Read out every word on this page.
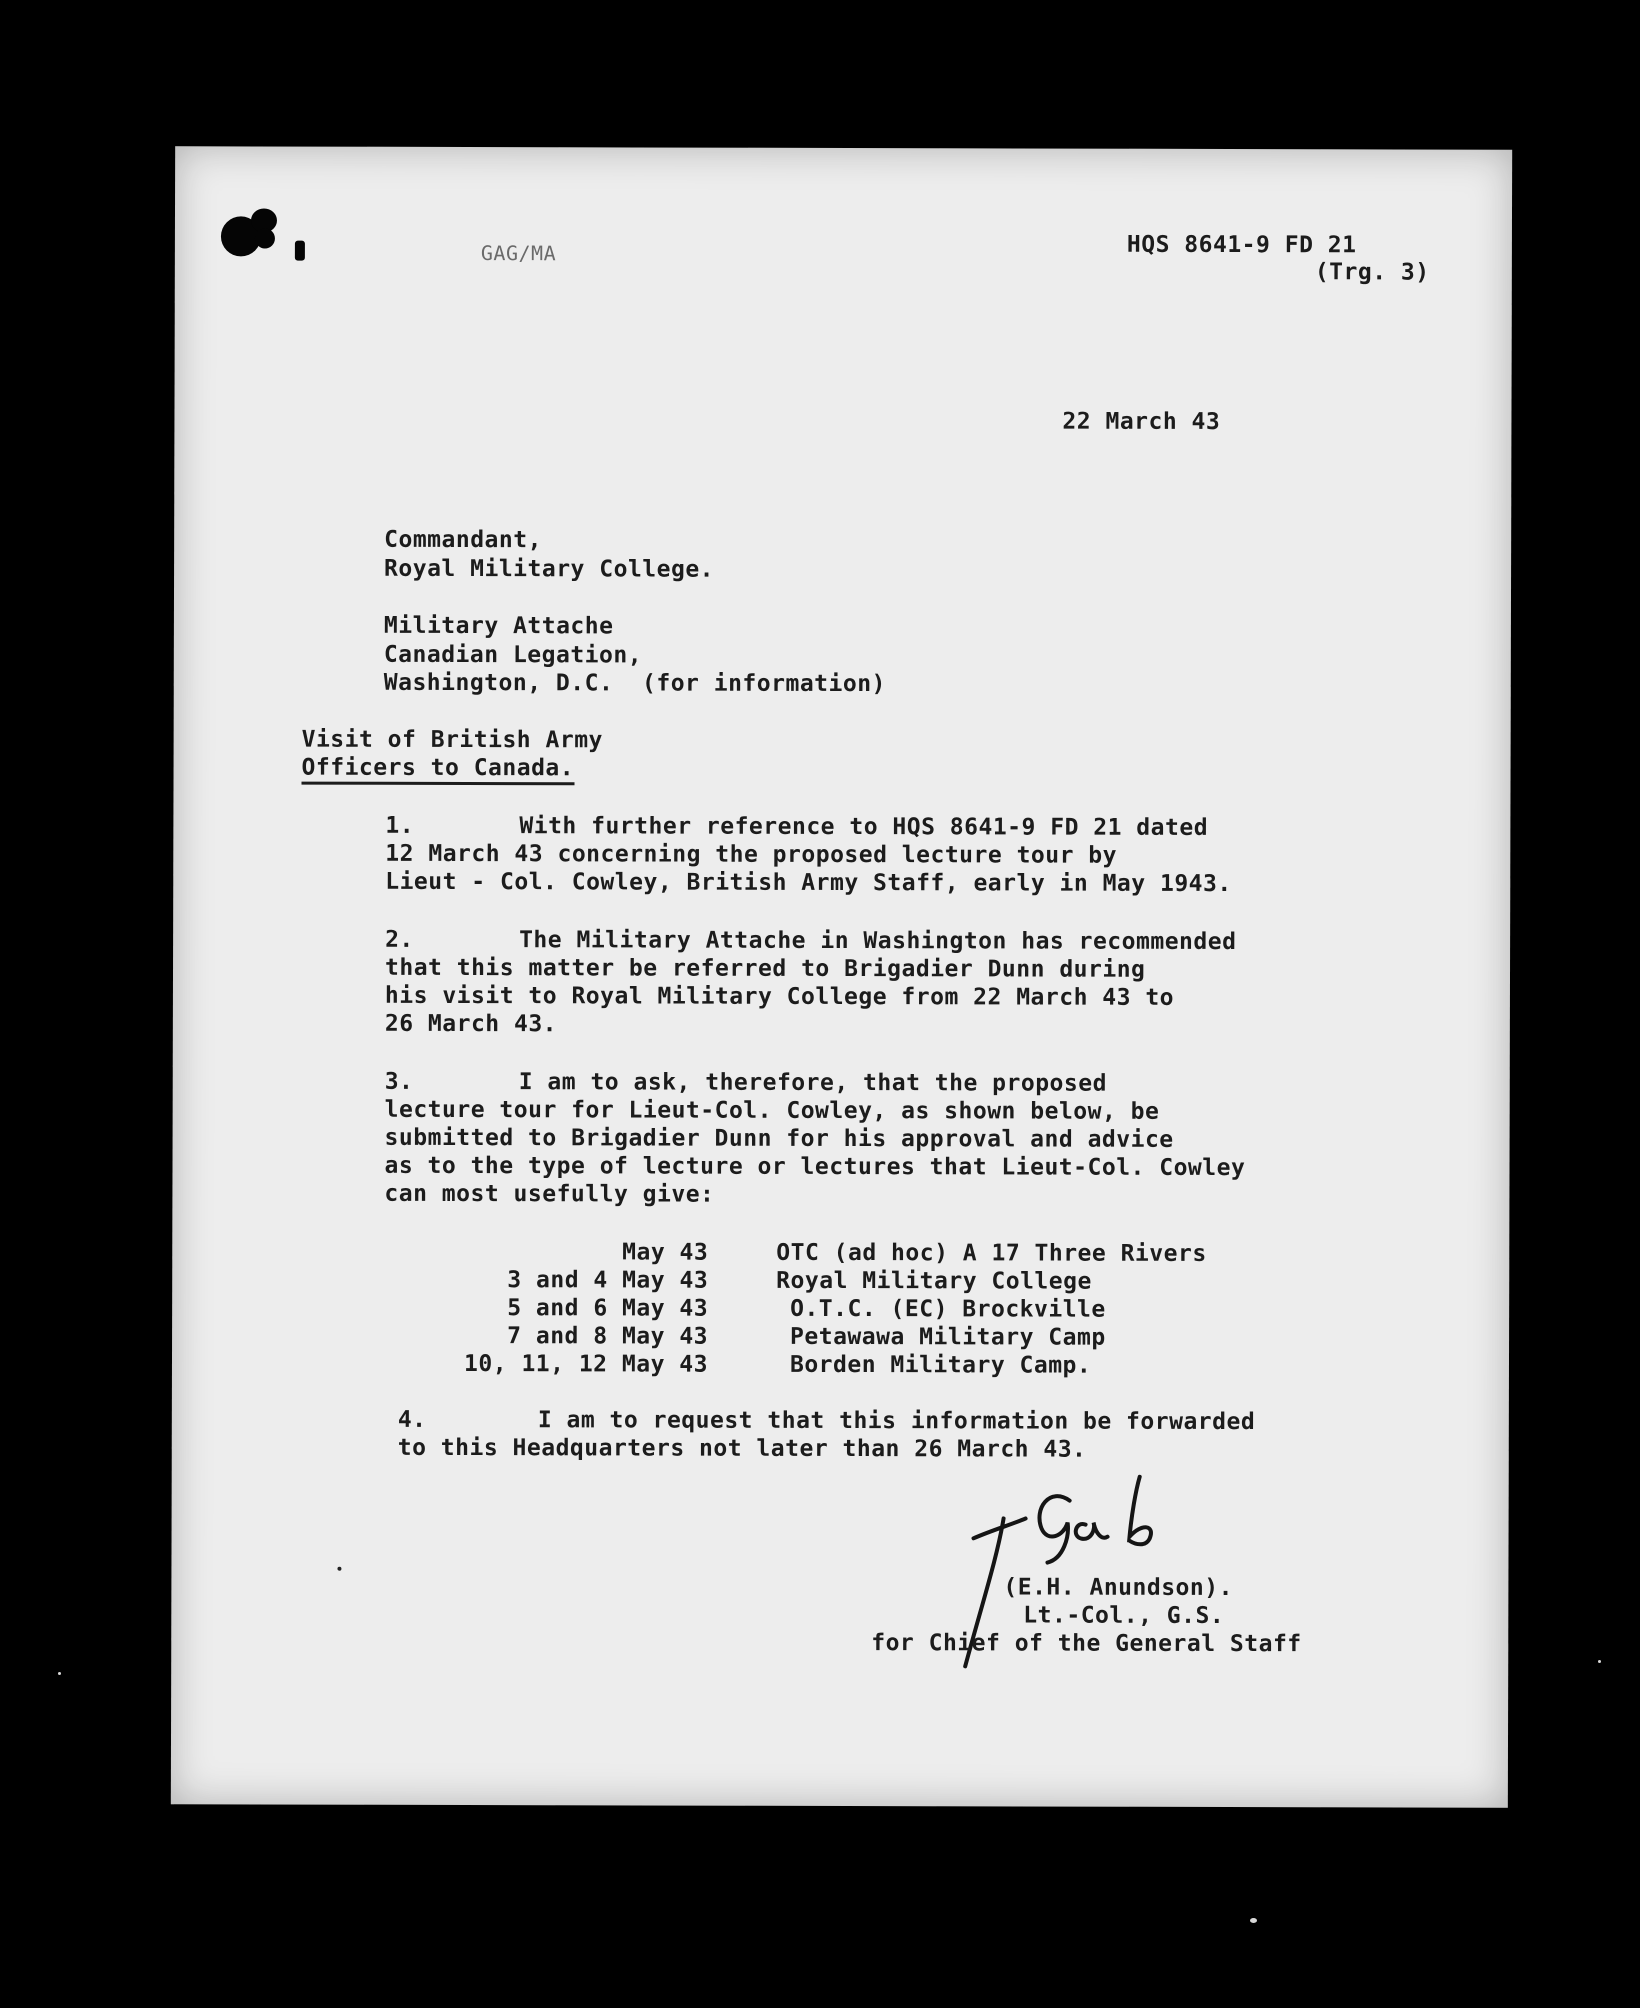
GAG/MA	HQS 8641-9 FD 21
(Trg. 3)
22 March 43
Commandant,
Royal Military College.
Military Attache
Canadian Legation,
Washington, D.C.  (for information)
Visit of British Army
Officers to Canada.
1.	With further reference to HQS 8641-9 FD 21 dated
12 March 43 concerning the proposed lecture tour by
Lieut - Col. Cowley, British Army Staff, early in May 1943.
2.	The Military Attache in Washington has recommended
that this matter be referred to Brigadier Dunn during
his visit to Royal Military College from 22 March 43 to
26 March 43.
3.	I am to ask, therefore, that the proposed
lecture tour for Lieut-Col. Cowley, as shown below, be
submitted to Brigadier Dunn for his approval and advice
as to the type of lecture or lectures that Lieut-Col. Cowley
can most usefully give:
May 43	OTC (ad hoc) A 17 Three Rivers
3 and 4 May 43	Royal Military College
5 and 6 May 43	O.T.C. (EC) Brockville
7 and 8 May 43	Petawawa Military Camp
10, 11, 12 May 43	Borden Military Camp.
4.	I am to request that this information be forwarded
to this Headquarters not later than 26 March 43.
(E.H. Anundson).
Lt.-Col., G.S.
for Chief of the General Staff
